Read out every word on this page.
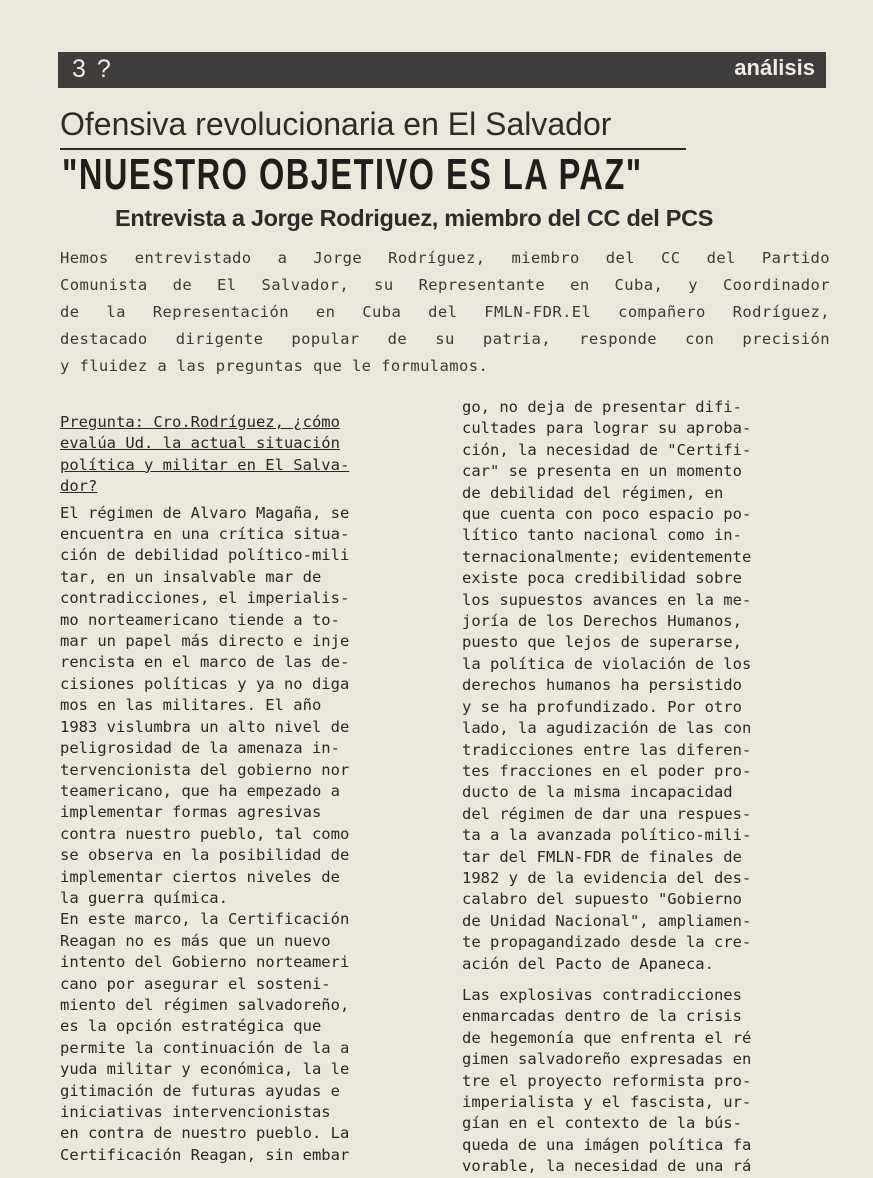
3 ?	análisis
Ofensiva revolucionaria en El Salvador
"NUESTRO OBJETIVO ES LA PAZ"
Entrevista a Jorge Rodriguez, miembro del CC del PCS
Hemos entrevistado a Jorge Rodríguez, miembro del CC del Partido
Comunista de El Salvador, su Representante en Cuba, y Coordinador
de la Representación en Cuba del FMLN-FDR.El compañero Rodríguez,
destacado dirigente popular de su patria, responde con precisión
y fluidez a las preguntas que le formulamos.
Pregunta: Cro.Rodríguez, ¿cómo
evalúa Ud. la actual situación
política y militar en El Salva-
dor?
El régimen de Alvaro Magaña, se
encuentra en una crítica situa-
ción de debilidad político-mili
tar, en un insalvable mar de
contradicciones, el imperialis-
mo norteamericano tiende a to-
mar un papel más directo e inje
rencista en el marco de las de-
cisiones políticas y ya no diga
mos en las militares. El año
1983 vislumbra un alto nivel de
peligrosidad de la amenaza in-
tervencionista del gobierno nor
teamericano, que ha empezado a
implementar formas agresivas
contra nuestro pueblo, tal como
se observa en la posibilidad de
implementar ciertos niveles de
la guerra química.
En este marco, la Certificación
Reagan no es más que un nuevo
intento del Gobierno norteameri
cano por asegurar el sosteni-
miento del régimen salvadoreño,
es la opción estratégica que
permite la continuación de la a
yuda militar y económica, la le
gitimación de futuras ayudas e
iniciativas intervencionistas
en contra de nuestro pueblo. La
Certificación Reagan, sin embar
go, no deja de presentar difi-
cultades para lograr su aproba-
ción, la necesidad de "Certifi-
car" se presenta en un momento
de debilidad del régimen, en
que cuenta con poco espacio po-
lítico tanto nacional como in-
ternacionalmente; evidentemente
existe poca credibilidad sobre
los supuestos avances en la me-
joría de los Derechos Humanos,
puesto que lejos de superarse,
la política de violación de los
derechos humanos ha persistido
y se ha profundizado. Por otro
lado, la agudización de las con
tradicciones entre las diferen-
tes fracciones en el poder pro-
ducto de la misma incapacidad
del régimen de dar una respues-
ta a la avanzada político-mili-
tar del FMLN-FDR de finales de
1982 y de la evidencia del des-
calabro del supuesto "Gobierno
de Unidad Nacional", ampliamen-
te propagandizado desde la cre-
ación del Pacto de Apaneca.
Las explosivas contradicciones
enmarcadas dentro de la crisis
de hegemonía que enfrenta el ré
gimen salvadoreño expresadas en
tre el proyecto reformista pro-
imperialista y el fascista, ur-
gían en el contexto de la bús-
queda de una imágen política fa
vorable, la necesidad de una rá
